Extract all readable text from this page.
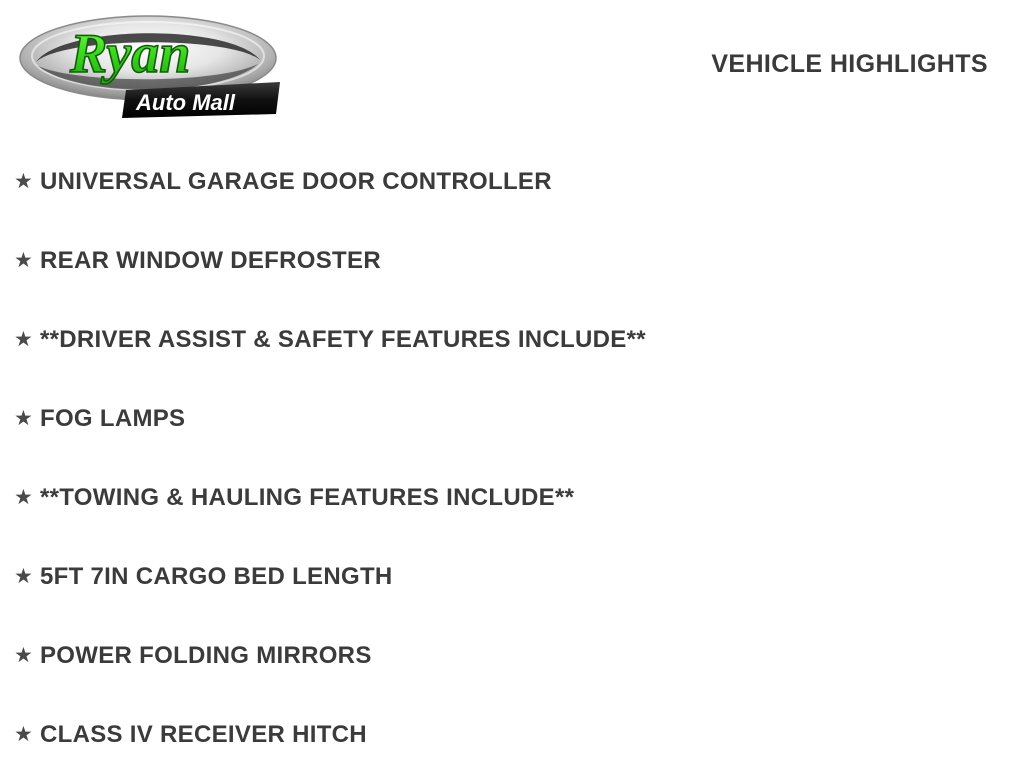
Ryan
Auto Mall
VEHICLE HIGHLIGHTS
★ UNIVERSAL GARAGE DOOR CONTROLLER
★ REAR WINDOW DEFROSTER
★ **DRIVER ASSIST & SAFETY FEATURES INCLUDE**
★ FOG LAMPS
★ **TOWING & HAULING FEATURES INCLUDE**
★ 5FT 7IN CARGO BED LENGTH
★ POWER FOLDING MIRRORS
★ CLASS IV RECEIVER HITCH
